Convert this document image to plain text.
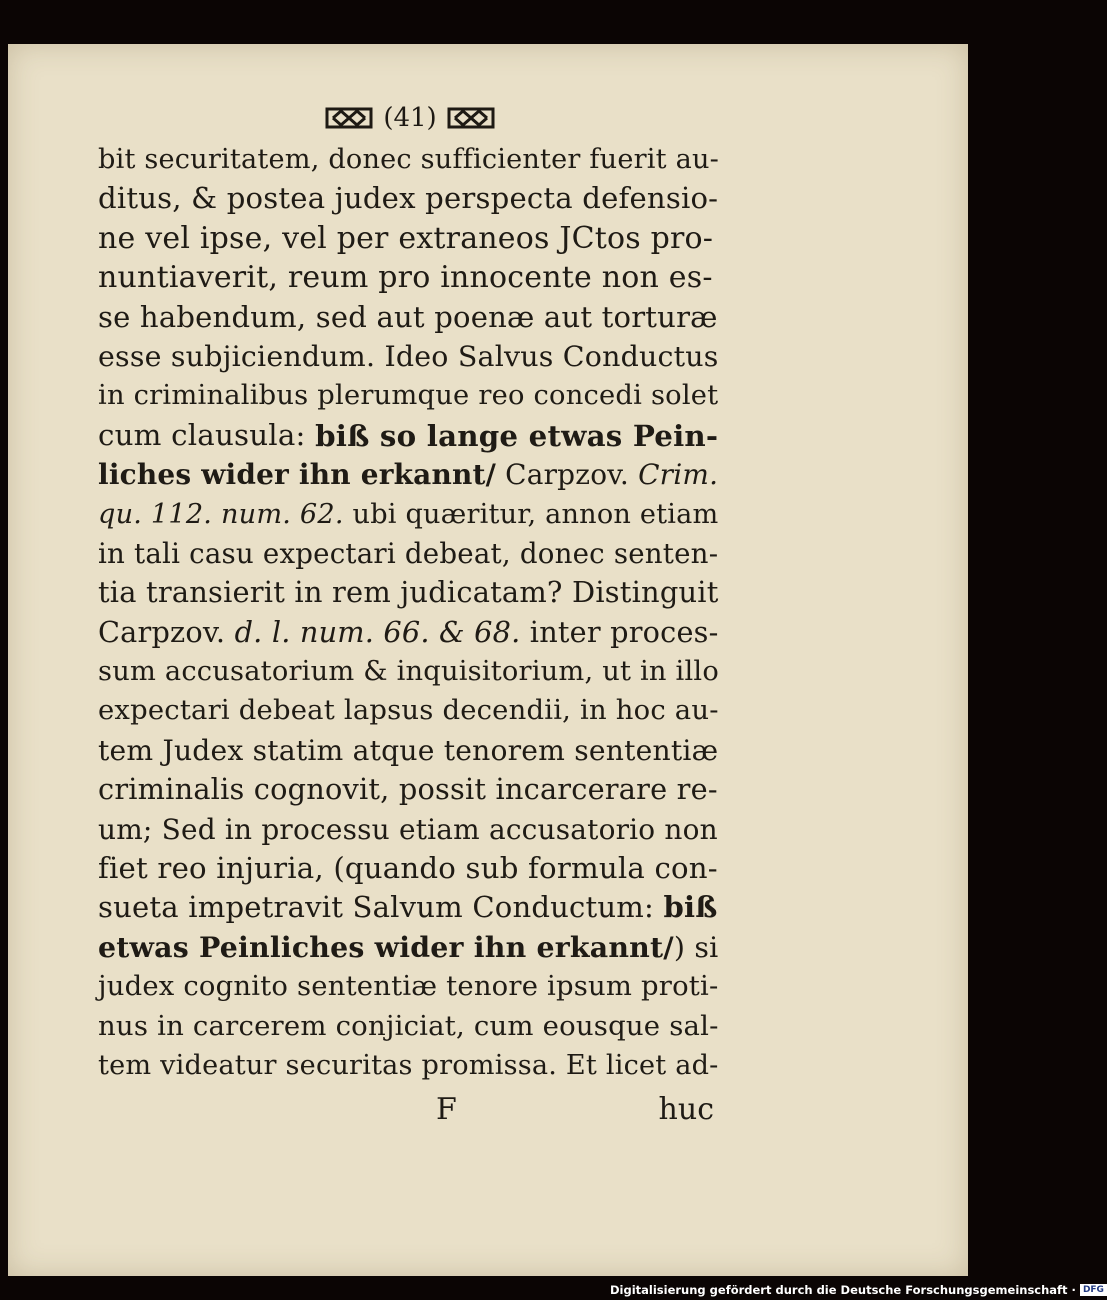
(41)
bit securitatem, donec sufficienter fuerit au-
ditus, & postea judex perspecta defensio-
ne vel ipse, vel per extraneos JCtos pro-
nuntiaverit, reum pro innocente non es-
se habendum, sed aut poenæ aut torturæ
esse subjiciendum. Ideo Salvus Conductus
in criminalibus plerumque reo concedi solet
cum clausula: biß so lange etwas Pein-
liches wider ihn erkannt/ Carpzov. Crim.
qu. 112. num. 62. ubi quæritur, annon etiam
in tali casu expectari debeat, donec senten-
tia transierit in rem judicatam? Distinguit
Carpzov. d. l. num. 66. & 68. inter proces-
sum accusatorium & inquisitorium, ut in illo
expectari debeat lapsus decendii, in hoc au-
tem Judex statim atque tenorem sententiæ
criminalis cognovit, possit incarcerare re-
um; Sed in processu etiam accusatorio non
fiet reo injuria, (quando sub formula con-
sueta impetravit Salvum Conductum: biß
etwas Peinliches wider ihn erkannt/ ) si
judex cognito sententiæ tenore ipsum proti-
nus in carcerem conjiciat, cum eousque sal-
tem videatur securitas promissa. Et licet ad-
F	huc
Digitalisierung gefördert durch die Deutsche Forschungsgemeinschaft · DFG
